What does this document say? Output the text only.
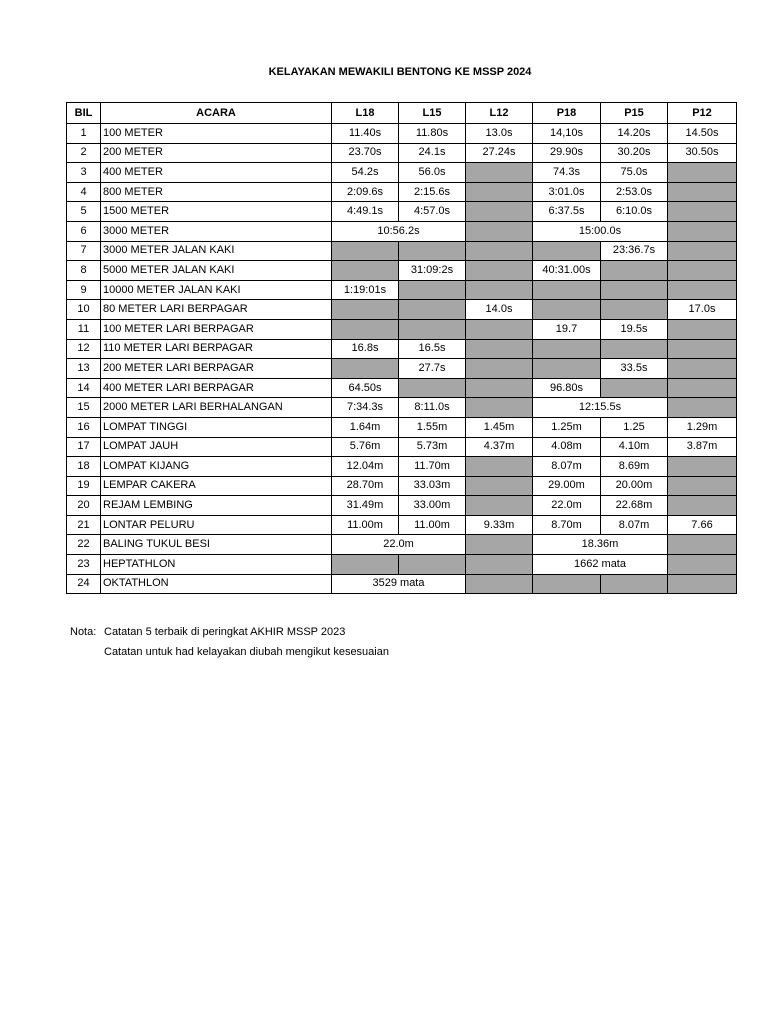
KELAYAKAN MEWAKILI BENTONG KE MSSP 2024
BIL	ACARA	L18	L15	L12	P18	P15	P12
1	100 METER	11.40s	11.80s	13.0s	14,10s	14.20s	14.50s
2	200 METER	23.70s	24.1s	27.24s	29.90s	30.20s	30.50s
3	400 METER	54.2s	56.0s		74.3s	75.0s	
4	800 METER	2:09.6s	2:15.6s		3:01.0s	2:53.0s	
5	1500 METER	4:49.1s	4:57.0s		6:37.5s	6:10.0s	
6	3000 METER	10:56.2s			15:00.0s		
7	3000 METER JALAN KAKI					23:36.7s	
8	5000 METER JALAN KAKI		31:09:2s		40:31.00s		
9	10000 METER JALAN KAKI	1:19:01s					
10	80 METER LARI BERPAGAR			14.0s			17.0s
11	100 METER LARI BERPAGAR				19.7	19.5s	
12	110 METER LARI BERPAGAR	16.8s	16.5s				
13	200 METER LARI BERPAGAR		27.7s			33.5s	
14	400 METER LARI BERPAGAR	64.50s			96.80s		
15	2000 METER LARI BERHALANGAN	7:34.3s	8:11.0s		12:15.5s		
16	LOMPAT TINGGI	1.64m	1.55m	1.45m	1.25m	1.25	1.29m
17	LOMPAT JAUH	5.76m	5.73m	4.37m	4.08m	4.10m	3.87m
18	LOMPAT KIJANG	12.04m	11.70m		8.07m	8.69m	
19	LEMPAR CAKERA	28.70m	33.03m		29.00m	20.00m	
20	REJAM LEMBING	31.49m	33.00m		22.0m	22.68m	
21	LONTAR PELURU	11.00m	11.00m	9.33m	8.70m	8.07m	7.66
22	BALING TUKUL BESI	22.0m			18.36m		
23	HEPTATHLON				1662 mata		
24	OKTATHLON	3529 mata					
Nota: Catatan 5 terbaik di peringkat AKHIR MSSP 2023
Catatan untuk had kelayakan diubah mengikut kesesuaian
